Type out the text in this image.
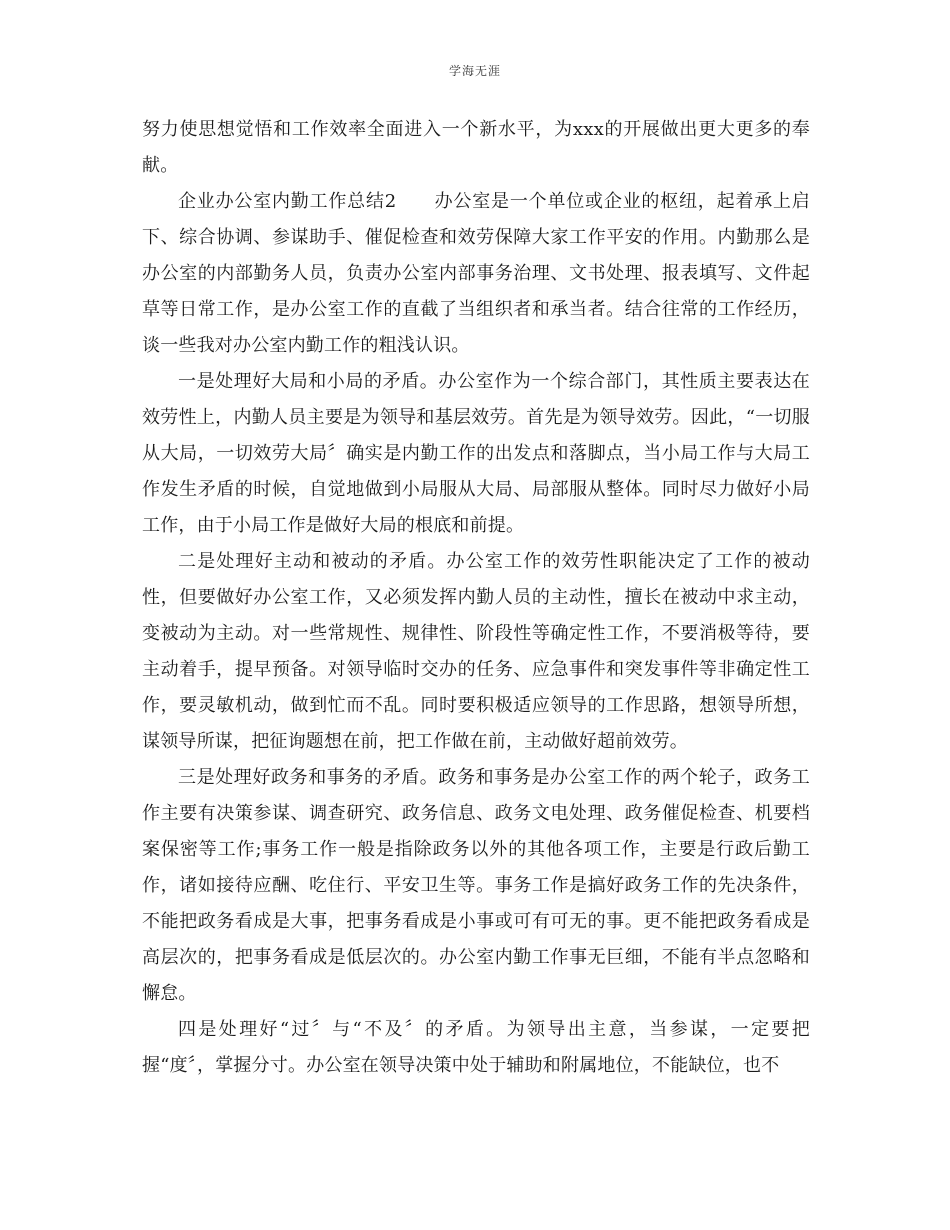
学海无涯

努力使思想觉悟和工作效率全面进入一个新水平，为xxx的开展做出更大更多的奉献。

企业办公室内勤工作总结2　　办公室是一个单位或企业的枢纽，起着承上启下、综合协调、参谋助手、催促检查和效劳保障大家工作平安的作用。内勤那么是办公室的内部勤务人员，负责办公室内部事务治理、文书处理、报表填写、文件起草等日常工作，是办公室工作的直截了当组织者和承当者。结合往常的工作经历，谈一些我对办公室内勤工作的粗浅认识。

一是处理好大局和小局的矛盾。办公室作为一个综合部门，其性质主要表达在效劳性上，内勤人员主要是为领导和基层效劳。首先是为领导效劳。因此，“一切服从大局，一切效劳大局〞确实是内勤工作的出发点和落脚点，当小局工作与大局工作发生矛盾的时候，自觉地做到小局服从大局、局部服从整体。同时尽力做好小局工作，由于小局工作是做好大局的根底和前提。

二是处理好主动和被动的矛盾。办公室工作的效劳性职能决定了工作的被动性，但要做好办公室工作，又必须发挥内勤人员的主动性，擅长在被动中求主动，变被动为主动。对一些常规性、规律性、阶段性等确定性工作，不要消极等待，要主动着手，提早预备。对领导临时交办的任务、应急事件和突发事件等非确定性工作，要灵敏机动，做到忙而不乱。同时要积极适应领导的工作思路，想领导所想，谋领导所谋，把征询题想在前，把工作做在前，主动做好超前效劳。

三是处理好政务和事务的矛盾。政务和事务是办公室工作的两个轮子，政务工作主要有决策参谋、调查研究、政务信息、政务文电处理、政务催促检查、机要档案保密等工作;事务工作一般是指除政务以外的其他各项工作，主要是行政后勤工作，诸如接待应酬、吃住行、平安卫生等。事务工作是搞好政务工作的先决条件，不能把政务看成是大事，把事务看成是小事或可有可无的事。更不能把政务看成是高层次的，把事务看成是低层次的。办公室内勤工作事无巨细，不能有半点忽略和懈怠。

四是处理好“过〞与“不及〞的矛盾。为领导出主意，当参谋，一定要把握“度〞，掌握分寸。办公室在领导决策中处于辅助和附属地位，不能缺位，也不
